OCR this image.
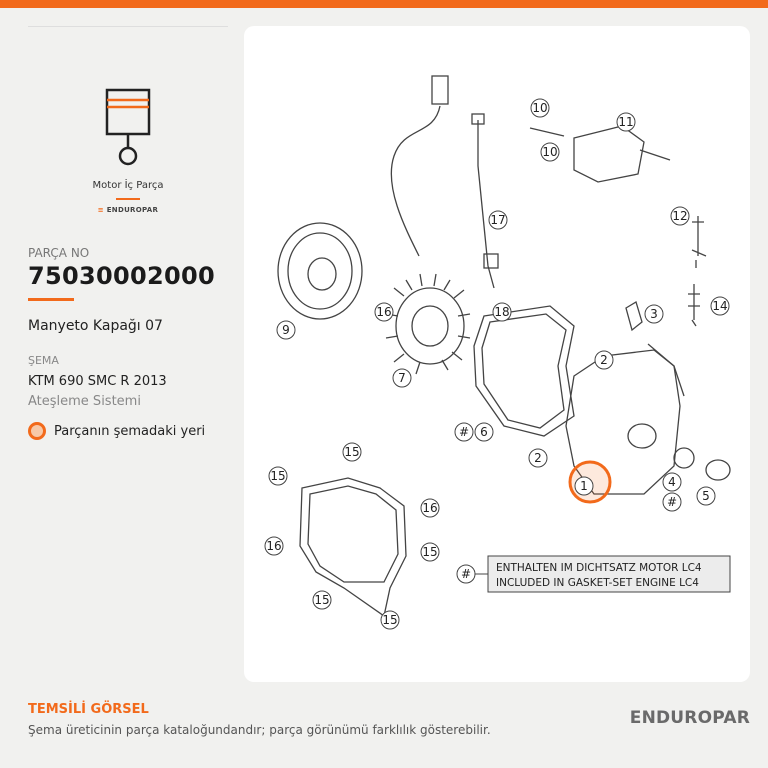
Motor İç Parça
≡ ENDUROPAR
PARÇA NO
75030002000
Manyeto Kapağı 07
ŞEMA
KTM 690 SMC R 2013
Ateşleme Sistemi
Parçanın şemadaki yeri
9
7
16
17
18
10
10
11
12
14
3
2
2
6
1	4
5
15
15
16
16	15
15
15
#
#
# ENTHALTEN IM DICHTSATZ MOTOR LC4
INCLUDED IN GASKET-SET ENGINE LC4
TEMSİLİ GÖRSEL
Şema üreticinin parça kataloğundandır; parça görünümü farklılık gösterebilir.
ENDUROPAR
